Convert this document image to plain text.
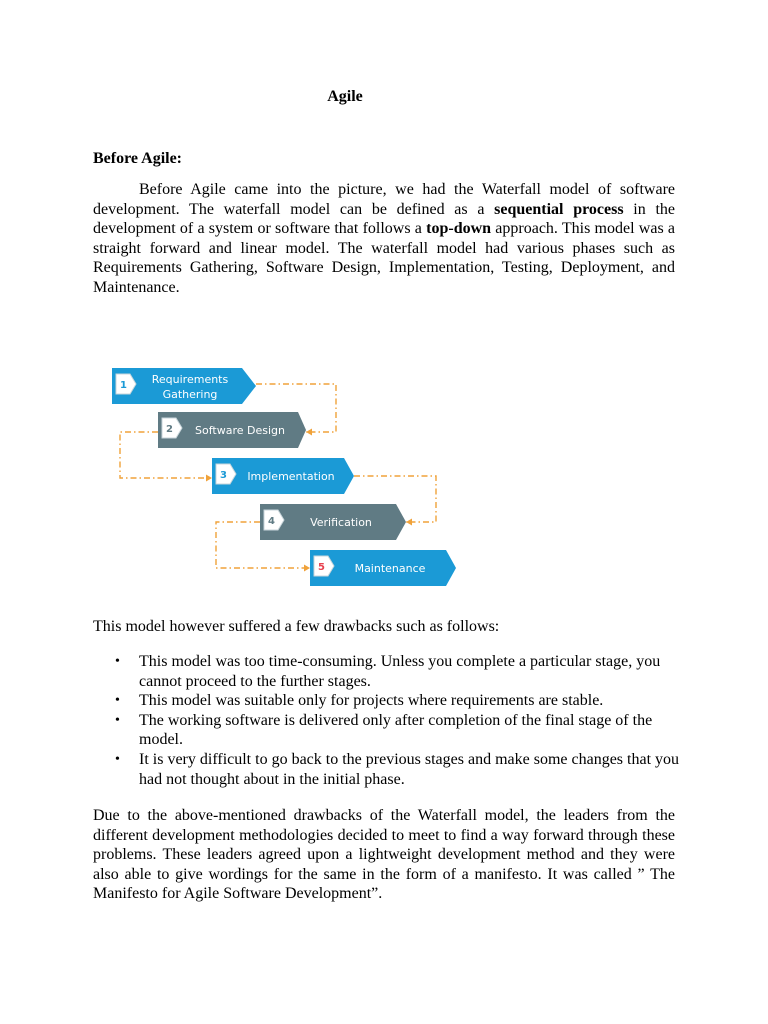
Agile
Before Agile:

Before Agile came into the picture, we had the Waterfall model of software development. The waterfall model can be defined as a sequential process in the development of a system or software that follows a top-down approach. This model was a straight forward and linear model. The waterfall model had various phases such as Requirements Gathering, Software Design, Implementation, Testing, Deployment, and Maintenance.

1 Requirements
Gathering
2 Software Design
3 Implementation
4	Verification
5	Maintenance

This model however suffered a few drawbacks such as follows:

• This model was too time-consuming. Unless you complete a particular stage, you cannot proceed to the further stages.
• This model was suitable only for projects where requirements are stable.
• The working software is delivered only after completion of the final stage of the model.
• It is very difficult to go back to the previous stages and make some changes that you had not thought about in the initial phase.

Due to the above-mentioned drawbacks of the Waterfall model, the leaders from the different development methodologies decided to meet to find a way forward through these problems. These leaders agreed upon a lightweight development method and they were also able to give wordings for the same in the form of a manifesto. It was called ” The Manifesto for Agile Software Development”.
